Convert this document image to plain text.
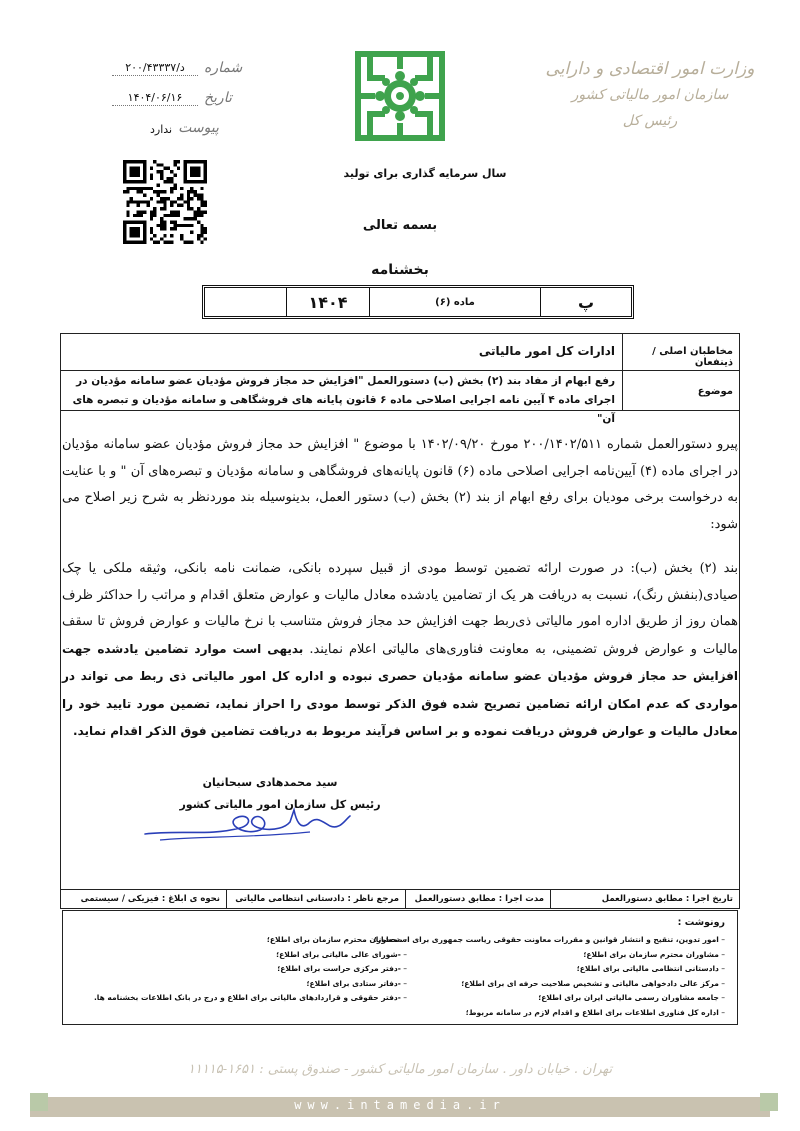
وزارت امور اقتصادی و دارایی
سازمان امور مالیاتی کشور
رئیس کل
شماره
د/۲۰۰/۴۳۳۳۷
تاریخ
۱۴۰۴/۰۶/۱۶
پیوست
ندارد
سال سرمایه گذاری برای تولید
بسمه تعالی
بخشنامه
پ
ماده (۶)
۱۴۰۴
مخاطبان اصلی / ذینفعان
ادارات کل امور مالیاتی
موضوع
رفع ابهام از مفاد بند (۲) بخش (ب) دستورالعمل "افزایش حد مجاز فروش مؤدیان عضو سامانه مؤدیان در اجرای ماده ۴ آیین نامه اجرایی اصلاحی ماده ۶ قانون پایانه های فروشگاهی و سامانه مؤدیان و تبصره های آن"

پیرو دستورالعمل شماره ۲۰۰/۱۴۰۲/۵۱۱ مورخ ۱۴۰۲/۰۹/۲۰ با موضوع " افزایش حد مجاز فروش مؤدیان عضو سامانه مؤدیان در اجرای ماده (۴) آیین‌نامه اجرایی اصلاحی ماده (۶) قانون پایانه‌های فروشگاهی و سامانه مؤدیان و تبصره‌های آن " و با عنایت به درخواست برخی مودیان برای رفع ابهام از بند (۲) بخش (ب) دستور العمل، بدینوسیله بند موردنظر به شرح زیر اصلاح می شود:

بند (۲) بخش (ب): در صورت ارائه تضمین توسط مودی از قبیل سپرده بانکی، ضمانت نامه بانکی، وثیقه ملکی یا چک صیادی(بنفش رنگ)، نسبت به دریافت هر یک از تضامین یادشده معادل مالیات و عوارض متعلق اقدام و مراتب را حداکثر ظرف همان روز از طریق اداره امور مالیاتی ذی‌ربط جهت افزایش حد مجاز فروش متناسب با نرخ مالیات و عوارض فروش تا سقف مالیات و عوارض فروش تضمینی، به معاونت فناوری‌های مالیاتی اعلام نمایند. بدیهی است موارد تضامین یادشده جهت افزایش حد مجاز فروش مؤدیان عضو سامانه مؤدیان حصری نبوده و اداره کل امور مالیاتی ذی ربط می تواند در مواردی که عدم امکان ارائه تضامین تصریح شده فوق الذکر توسط مودی را احراز نماید، تضمین مورد تایید خود را معادل مالیات و عوارض فروش دریافت نموده و بر اساس فرآیند مربوط به دریافت تضامین فوق الذکر اقدام نماید.

سید محمدهادی سبحانیان
رئیس کل سازمان امور مالیاتی کشور
تاریخ اجرا : مطابق دستورالعمل
مدت اجرا : مطابق دستورالعمل
مرجع ناظر : دادستانی انتظامی مالیاتی
نحوه ی ابلاغ : فیزیکی / سیستمی
رونوشت :
– امور تدوین، تنقیح و انتشار قوانین و مقررات معاونت حقوقی ریاست جمهوری برای استحضار؛
– مشاوران محترم سازمان برای اطلاع؛
– دادستانی انتظامی مالیاتی برای اطلاع؛
– مرکز عالی دادخواهی مالیاتی و تشخیص صلاحیت حرفه ای برای اطلاع؛
– جامعه مشاوران رسمی مالیاتی ایران برای اطلاع؛
– اداره کل فناوری اطلاعات برای اطلاع و اقدام لازم در سامانه مربوط؛
– -معاونان محترم سازمان برای اطلاع؛
– -شورای عالی مالیاتی برای اطلاع؛
– -دفتر مرکزی حراست برای اطلاع؛
– -دفاتر ستادی برای اطلاع؛
– -دفتر حقوقی و قراردادهای مالیاتی برای اطلاع و درج در بانک اطلاعات بخشنامه ها.
تهران . خیابان داور . سازمان امور مالیاتی کشور - صندوق پستی : ۱۶۵۱-۱۱۱۱۵
www.intamedia.ir
